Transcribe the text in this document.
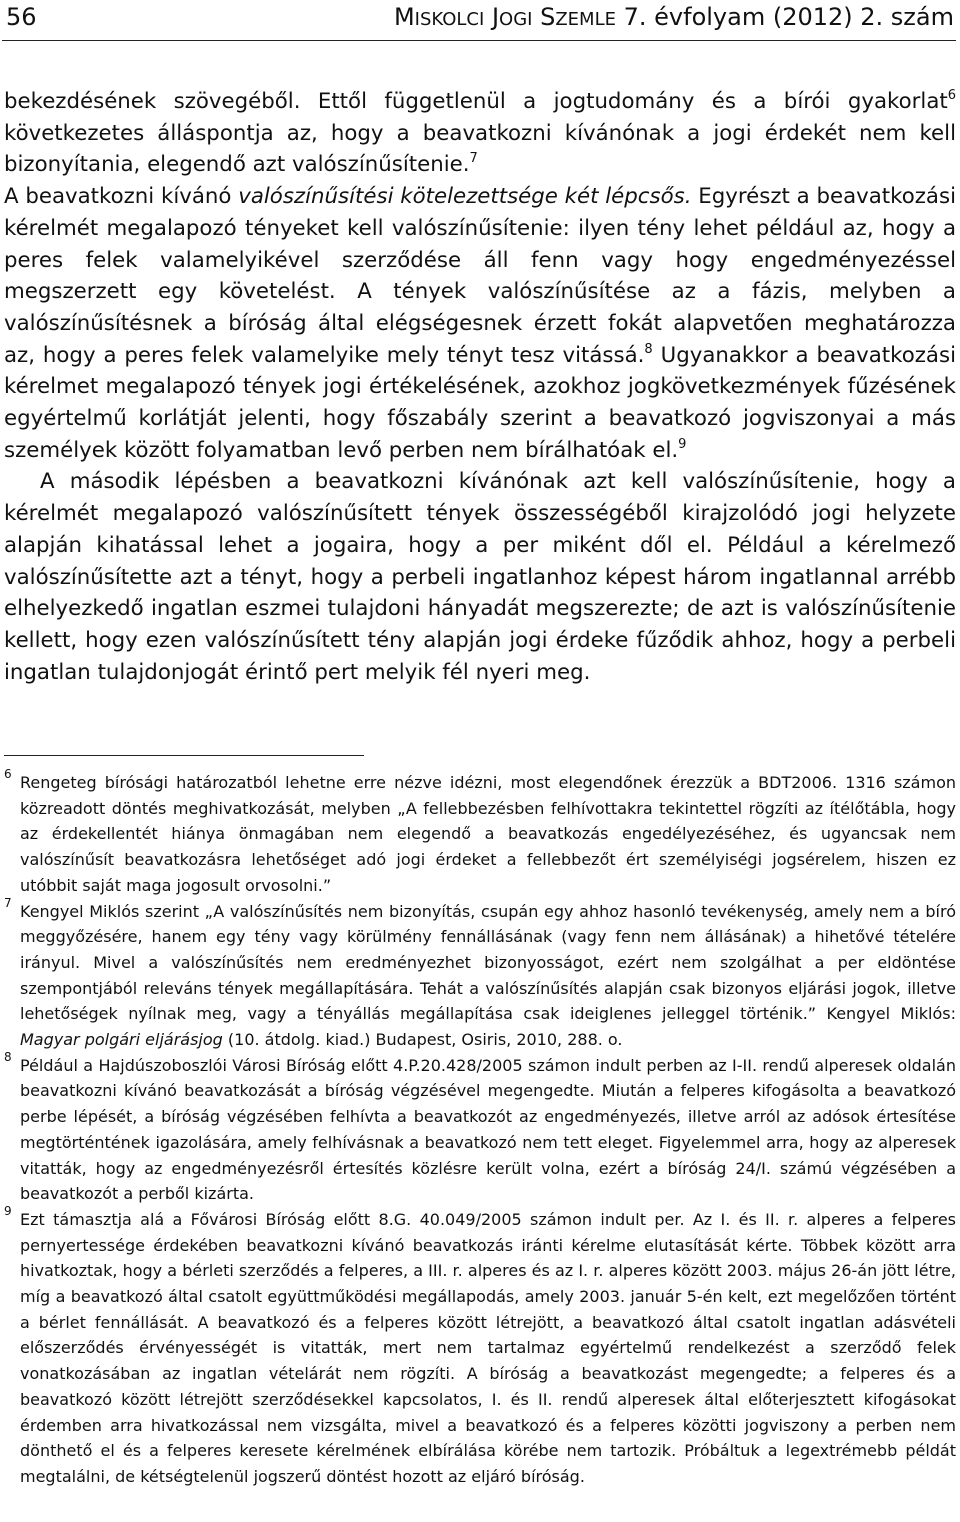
56	MISKOLCI JOGI SZEMLE 7. évfolyam (2012) 2. szám

bekezdésének szövegéből. Ettől függetlenül a jogtudomány és a bírói gyakorlat$^6$ következetes álláspontja az, hogy a beavatkozni kívánónak a jogi érdekét nem kell bizonyítania, elegendő azt valószínűsítenie.$^7$

A beavatkozni kívánó valószínűsítési kötelezettsége két lépcsős. Egyrészt a beavatkozási kérelmét megalapozó tényeket kell valószínűsítenie: ilyen tény lehet például az, hogy a peres felek valamelyikével szerződése áll fenn vagy hogy engedményezéssel megszerzett egy követelést. A tények valószínűsítése az a fázis, melyben a valószínűsítésnek a bíróság által elégségesnek érzett fokát alapvetően meghatározza az, hogy a peres felek valamelyike mely tényt tesz vitássá.$^8$ Ugyanakkor a beavatkozási kérelmet megalapozó tények jogi értékelésének, azokhoz jogkövetkezmények fűzésének egyértelmű korlátját jelenti, hogy főszabály szerint a beavatkozó jogviszonyai a más személyek között folyamatban levő perben nem bírálhatóak el.$^9$

A második lépésben a beavatkozni kívánónak azt kell valószínűsítenie, hogy a kérelmét megalapozó valószínűsített tények összességéből kirajzolódó jogi helyzete alapján kihatással lehet a jogaira, hogy a per miként dől el. Például a kérelmező valószínűsítette azt a tényt, hogy a perbeli ingatlanhoz képest három ingatlannal arrébb elhelyezkedő ingatlan eszmei tulajdoni hányadát megszerezte; de azt is valószínűsítenie kellett, hogy ezen valószínűsített tény alapján jogi érdeke fűződik ahhoz, hogy a perbeli ingatlan tulajdonjogát érintő pert melyik fél nyeri meg.

6 Rengeteg bírósági határozatból lehetne erre nézve idézni, most elegendőnek érezzük a BDT2006. 1316 számon közreadott döntés meghivatkozását, melyben „A fellebbezésben felhívottakra tekintettel rögzíti az ítélőtábla, hogy az érdekellentét hiánya önmagában nem elegendő a beavatkozás engedélyezéséhez, és ugyancsak nem valószínűsít beavatkozásra lehetőséget adó jogi érdeket a fellebbezőt ért személyiségi jogsérelem, hiszen ez utóbbit saját maga jogosult orvosolni.”
7 Kengyel Miklós szerint „A valószínűsítés nem bizonyítás, csupán egy ahhoz hasonló tevékenység, amely nem a bíró meggyőzésére, hanem egy tény vagy körülmény fennállásának (vagy fenn nem állásának) a hihetővé tételére irányul. Mivel a valószínűsítés nem eredményezhet bizonyosságot, ezért nem szolgálhat a per eldöntése szempontjából releváns tények megállapítására. Tehát a valószínűsítés alapján csak bizonyos eljárási jogok, illetve lehetőségek nyílnak meg, vagy a tényállás megállapítása csak ideiglenes jelleggel történik.” Kengyel Miklós: Magyar polgári eljárásjog (10. átdolg. kiad.) Budapest, Osiris, 2010, 288. o.
8 Például a Hajdúszoboszlói Városi Bíróság előtt 4.P.20.428/2005 számon indult perben az I-II. rendű alperesek oldalán beavatkozni kívánó beavatkozását a bíróság végzésével megengedte. Miután a felperes kifogásolta a beavatkozó perbe lépését, a bíróság végzésében felhívta a beavatkozót az engedményezés, illetve arról az adósok értesítése megtörténtének igazolására, amely felhívásnak a beavatkozó nem tett eleget. Figyelemmel arra, hogy az alperesek vitatták, hogy az engedményezésről értesítés közlésre került volna, ezért a bíróság 24/I. számú végzésében a beavatkozót a perből kizárta.
9 Ezt támasztja alá a Fővárosi Bíróság előtt 8.G. 40.049/2005 számon indult per. Az I. és II. r. alperes a felperes pernyertessége érdekében beavatkozni kívánó beavatkozás iránti kérelme elutasítását kérte. Többek között arra hivatkoztak, hogy a bérleti szerződés a felperes, a III. r. alperes és az I. r. alperes között 2003. május 26-án jött létre, míg a beavatkozó által csatolt együttműködési megállapodás, amely 2003. január 5-én kelt, ezt megelőzően történt a bérlet fennállását. A beavatkozó és a felperes között létrejött, a beavatkozó által csatolt ingatlan adásvételi előszerződés érvényességét is vitatták, mert nem tartalmaz egyértelmű rendelkezést a szerződő felek vonatkozásában az ingatlan vételárát nem rögzíti. A bíróság a beavatkozást megengedte; a felperes és a beavatkozó között létrejött szerződésekkel kapcsolatos, I. és II. rendű alperesek által előterjesztett kifogásokat érdemben arra hivatkozással nem vizsgálta, mivel a beavatkozó és a felperes közötti jogviszony a perben nem dönthető el és a felperes keresete kérelmének elbírálása körébe nem tartozik. Próbáltuk a legextrémebb példát megtalálni, de kétségtelenül jogszerű döntést hozott az eljáró bíróság.
